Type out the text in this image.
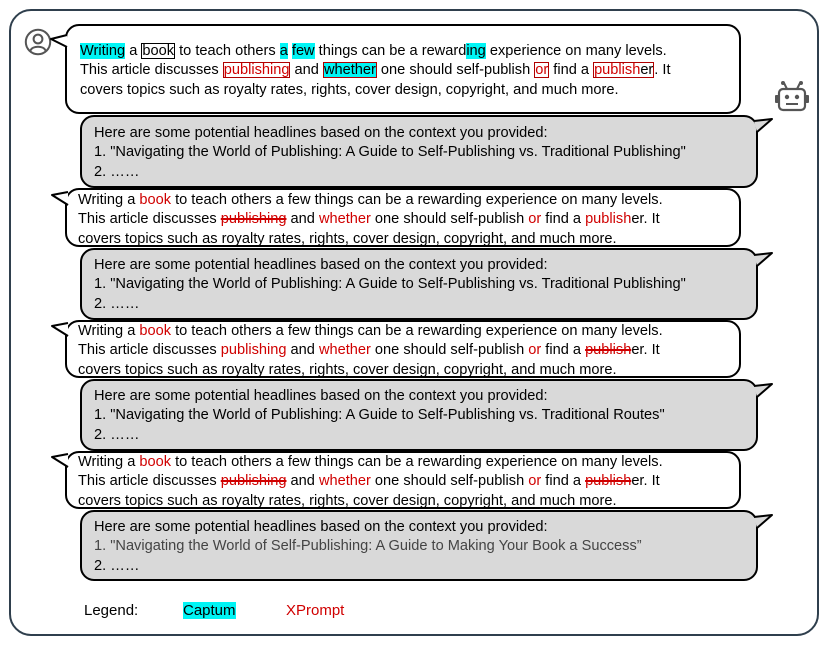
Writing a book to teach others a few things can be a rewarding experience on many levels.
This article discusses publishing and whether one should self-publish or find a publisher. It
covers topics such as royalty rates, rights, cover design, copyright, and much more.
Here are some potential headlines based on the context you provided:
1. "Navigating the World of Publishing: A Guide to Self-Publishing vs. Traditional Publishing"
2. ……
Writing a book to teach others a few things can be a rewarding experience on many levels.
This article discusses publishing and whether one should self-publish or find a publisher. It
covers topics such as royalty rates, rights, cover design, copyright, and much more.
Here are some potential headlines based on the context you provided:
1. "Navigating the World of Publishing: A Guide to Self-Publishing vs. Traditional Publishing"
2. ……
Writing a book to teach others a few things can be a rewarding experience on many levels.
This article discusses publishing and whether one should self-publish or find a publisher. It
covers topics such as royalty rates, rights, cover design, copyright, and much more.
Here are some potential headlines based on the context you provided:
1. "Navigating the World of Publishing: A Guide to Self-Publishing vs. Traditional Routes"
2. ……
Writing a book to teach others a few things can be a rewarding experience on many levels.
This article discusses publishing and whether one should self-publish or find a publisher. It
covers topics such as royalty rates, rights, cover design, copyright, and much more.
Here are some potential headlines based on the context you provided:
1. "Navigating the World of Self-Publishing: A Guide to Making Your Book a Success”
2. ……
Legend:	Captum	XPrompt
